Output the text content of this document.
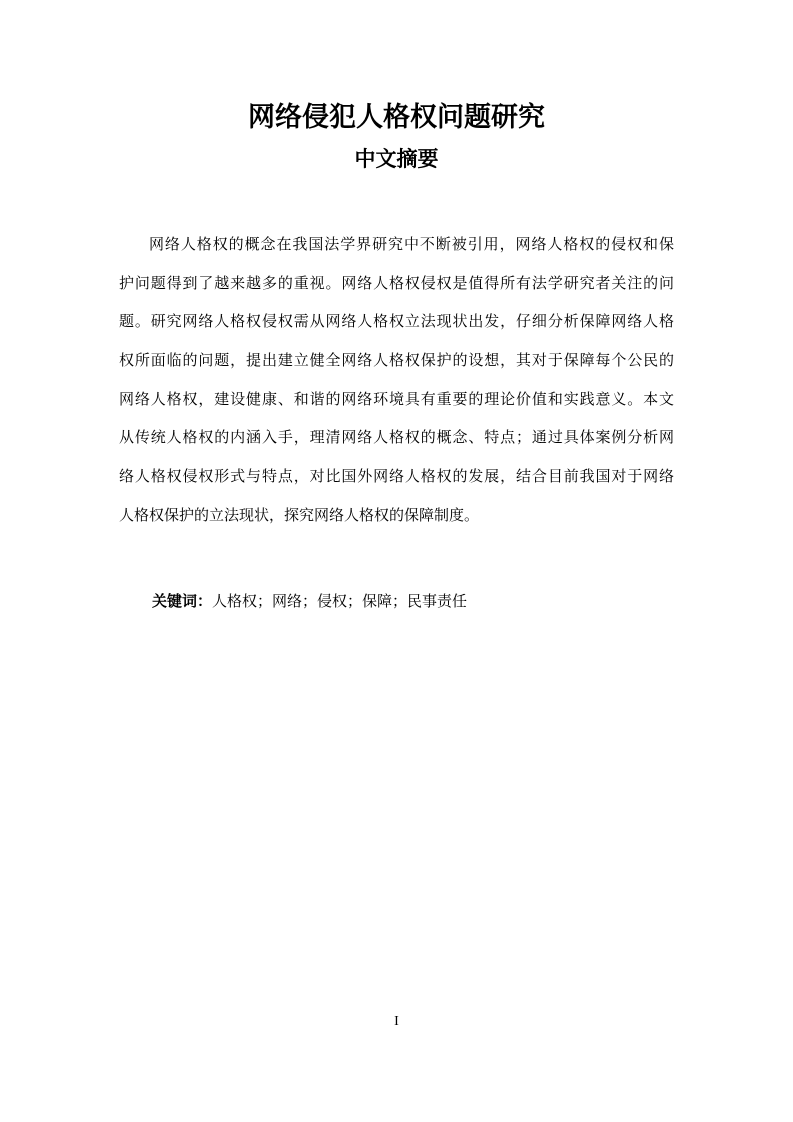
网络侵犯人格权问题研究
中文摘要
网络人格权的概念在我国法学界研究中不断被引用，网络人格权的侵权和保
护问题得到了越来越多的重视。网络人格权侵权是值得所有法学研究者关注的问
题。研究网络人格权侵权需从网络人格权立法现状出发，仔细分析保障网络人格
权所面临的问题，提出建立健全网络人格权保护的设想，其对于保障每个公民的
网络人格权，建设健康、和谐的网络环境具有重要的理论价值和实践意义。本文
从传统人格权的内涵入手，理清网络人格权的概念、特点；通过具体案例分析网
络人格权侵权形式与特点，对比国外网络人格权的发展，结合目前我国对于网络
人格权保护的立法现状，探究网络人格权的保障制度。

关键词：人格权；网络；侵权；保障；民事责任

I
